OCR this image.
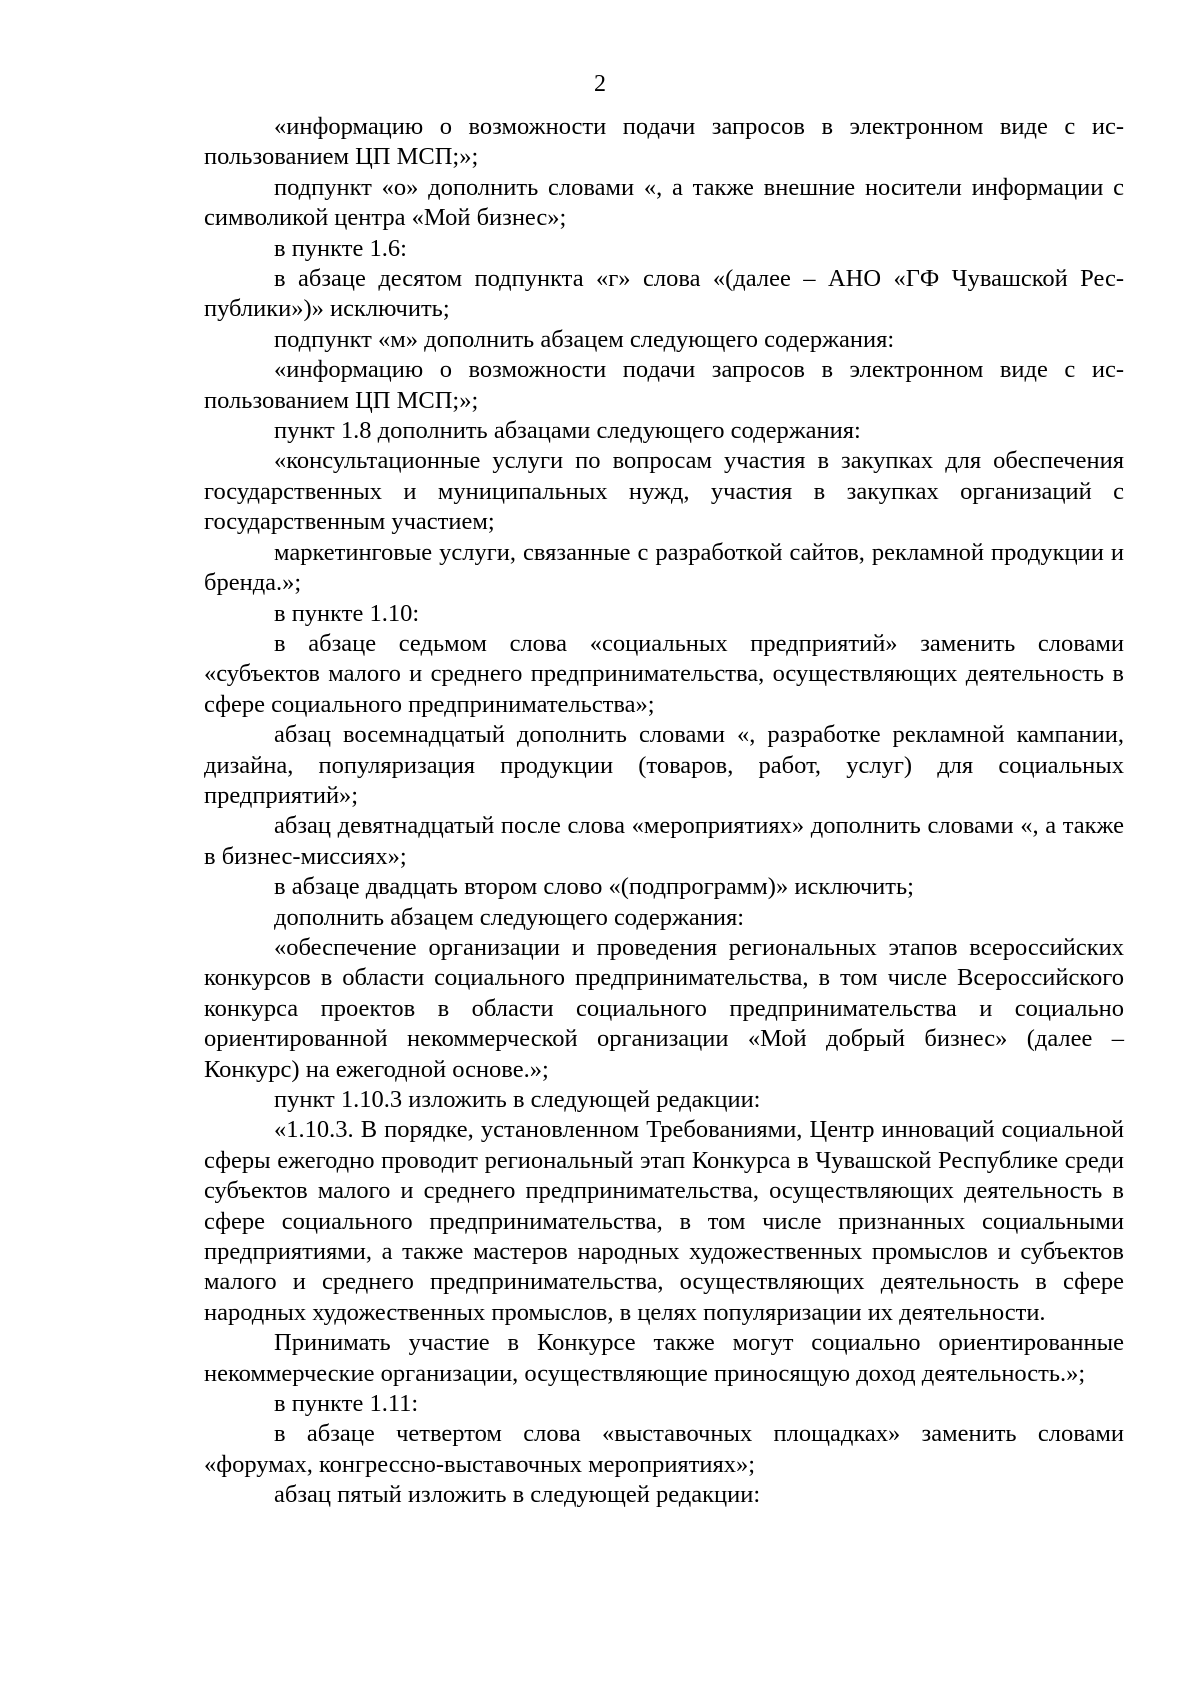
2

«информацию о возможности подачи запросов в электронном виде с использованием ЦП МСП;»;

подпункт «о» дополнить словами «, а также внешние носители информации с символикой центра «Мой бизнес»;

в пункте 1.6:

в абзаце десятом подпункта «г» слова «(далее – АНО «ГФ Чувашской Республики»)» исключить;

подпункт «м» дополнить абзацем следующего содержания:

«информацию о возможности подачи запросов в электронном виде с использованием ЦП МСП;»;

пункт 1.8 дополнить абзацами следующего содержания:

«консультационные услуги по вопросам участия в закупках для обеспечения государственных и муниципальных нужд, участия в закупках организаций с государственным участием;

маркетинговые услуги, связанные с разработкой сайтов, рекламной продукции и бренда.»;

в пункте 1.10:

в абзаце седьмом слова «социальных предприятий» заменить словами «субъектов малого и среднего предпринимательства, осуществляющих деятельность в сфере социального предпринимательства»;

абзац восемнадцатый дополнить словами «, разработке рекламной кампании, дизайна, популяризация продукции (товаров, работ, услуг) для социальных предприятий»;

абзац девятнадцатый после слова «мероприятиях» дополнить словами «, а также в бизнес-миссиях»;

в абзаце двадцать втором слово «(подпрограмм)» исключить;

дополнить абзацем следующего содержания:

«обеспечение организации и проведения региональных этапов всероссийских конкурсов в области социального предпринимательства, в том числе Всероссийского конкурса проектов в области социального предпринимательства и социально ориентированной некоммерческой организации «Мой добрый бизнес» (далее – Конкурс) на ежегодной основе.»;

пункт 1.10.3 изложить в следующей редакции:

«1.10.3. В порядке, установленном Требованиями, Центр инноваций социальной сферы ежегодно проводит региональный этап Конкурса в Чувашской Республике среди субъектов малого и среднего предпринимательства, осуществляющих деятельность в сфере социального предпринимательства, в том числе признанных социальными предприятиями, а также мастеров народных художественных промыслов и субъектов малого и среднего предпринимательства, осуществляющих деятельность в сфере народных художественных промыслов, в целях популяризации их деятельности.

Принимать участие в Конкурсе также могут социально ориентированные некоммерческие организации, осуществляющие приносящую доход деятельность.»;

в пункте 1.11:

в абзаце четвертом слова «выставочных площадках» заменить словами «форумах, конгрессно-выставочных мероприятиях»;

абзац пятый изложить в следующей редакции:
